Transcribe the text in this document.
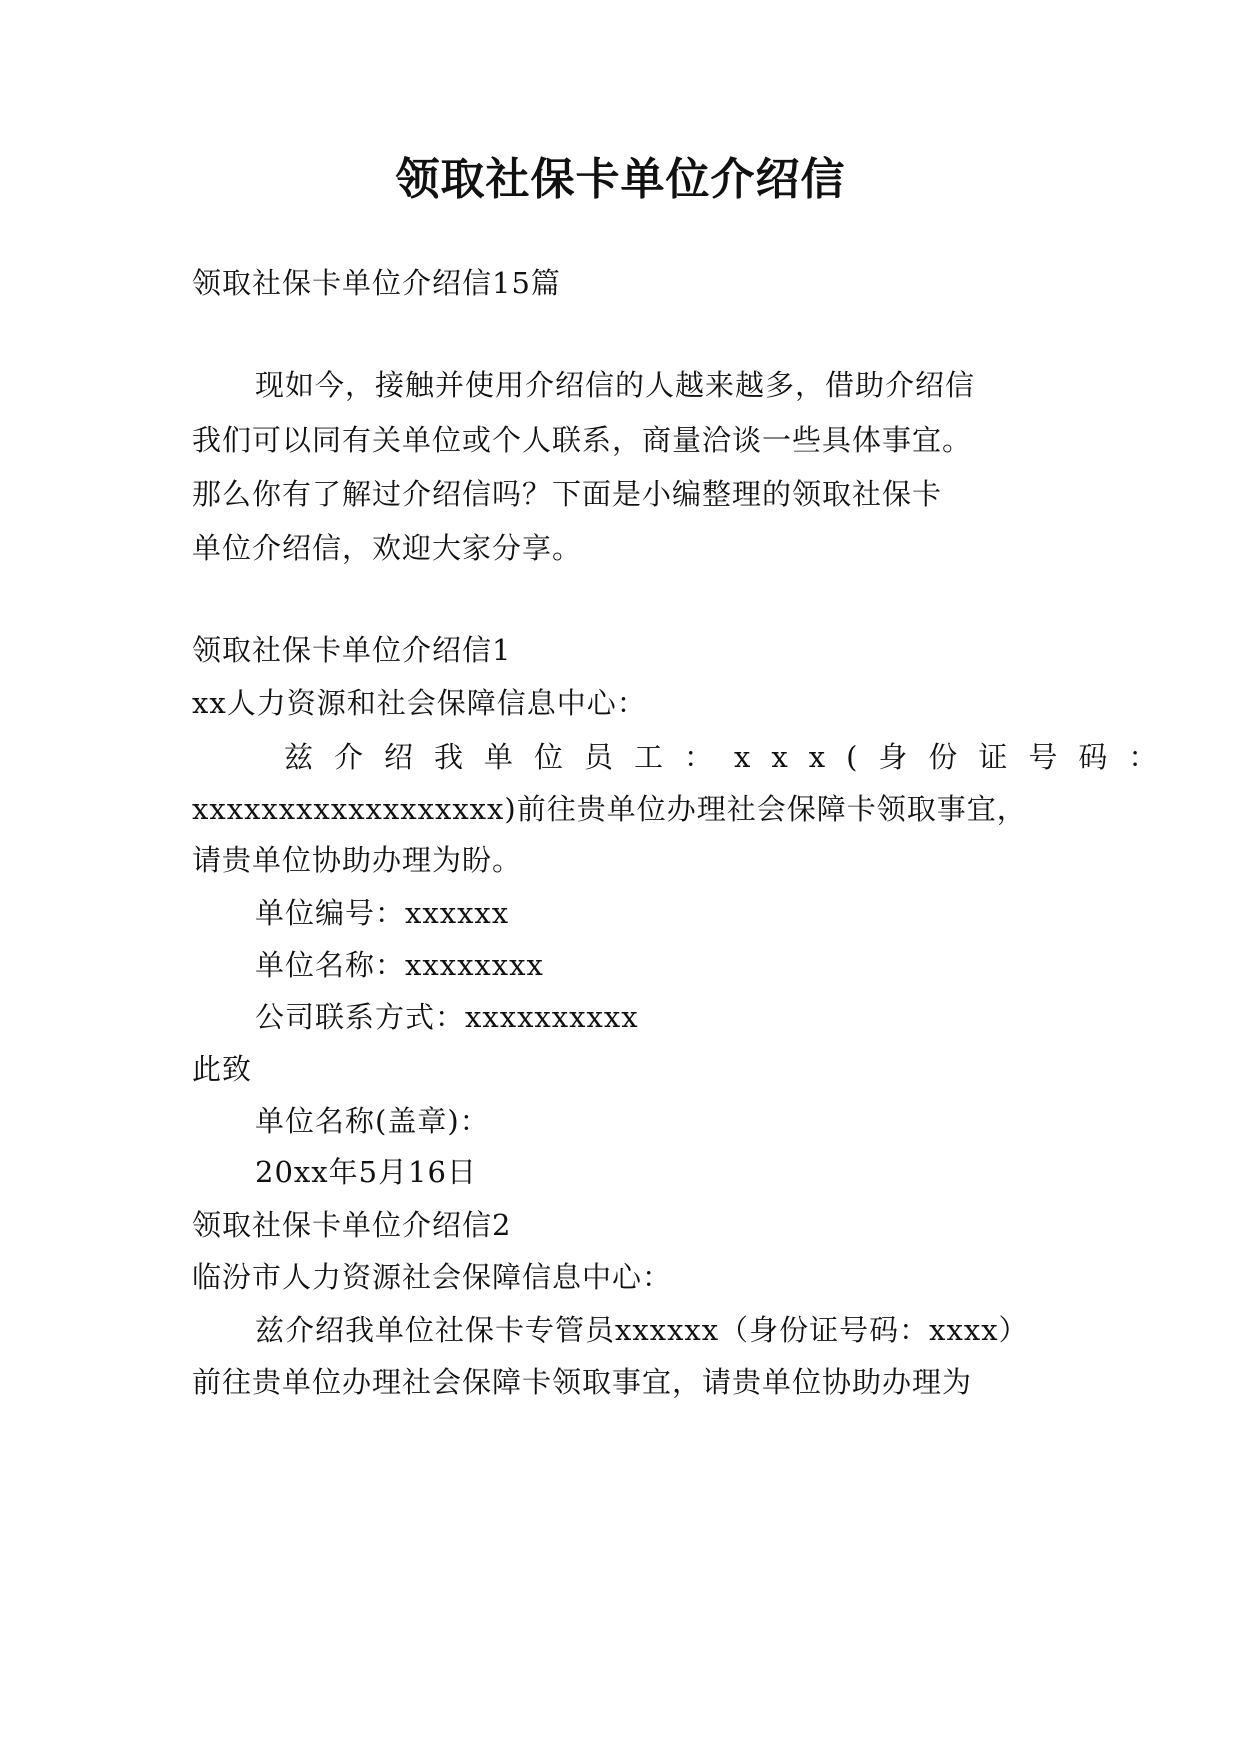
领取社保卡单位介绍信
领取社保卡单位介绍信15篇
现如今，接触并使用介绍信的人越来越多，借助介绍信
我们可以同有关单位或个人联系，商量洽谈一些具体事宜。
那么你有了解过介绍信吗？下面是小编整理的领取社保卡
单位介绍信，欢迎大家分享。
领取社保卡单位介绍信1
xx人力资源和社会保障信息中心：
兹介绍我单位员工：xxx(身份证号码：
xxxxxxxxxxxxxxxxxx)前往贵单位办理社会保障卡领取事宜，
请贵单位协助办理为盼。
单位编号：xxxxxx
单位名称：xxxxxxxx
公司联系方式：xxxxxxxxxx
此致
单位名称(盖章)：
20xx年5月16日
领取社保卡单位介绍信2
临汾市人力资源社会保障信息中心：
兹介绍我单位社保卡专管员xxxxxx（身份证号码：xxxx）
前往贵单位办理社会保障卡领取事宜，请贵单位协助办理为
